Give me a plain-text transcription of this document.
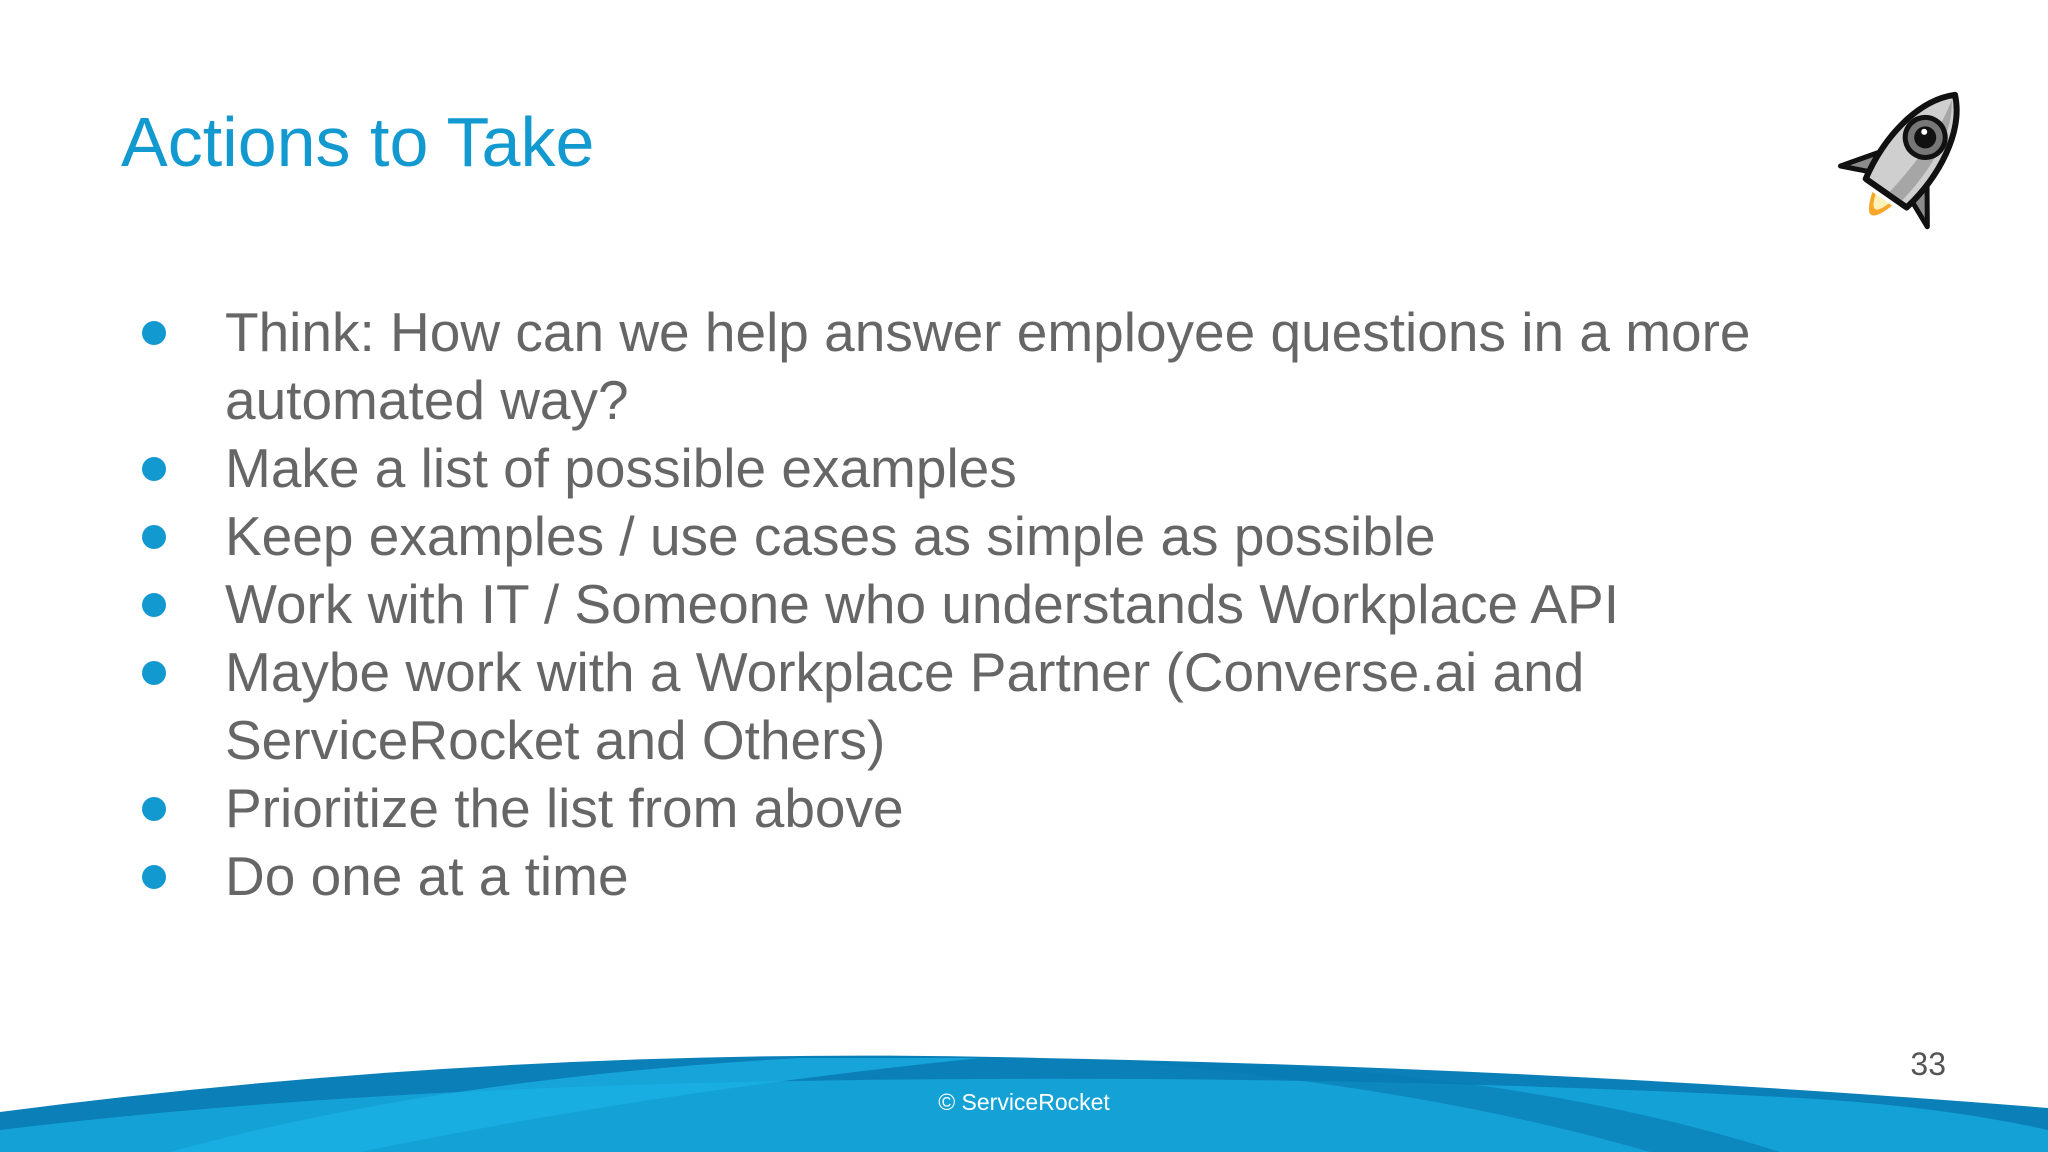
Actions to Take
Think: How can we help answer employee questions in a more automated way?
Make a list of possible examples
Keep examples / use cases as simple as possible
Work with IT / Someone who understands Workplace API
Maybe work with a Workplace Partner (Converse.ai and ServiceRocket and Others)
Prioritize the list from above
Do one at a time
© ServiceRocket
33
